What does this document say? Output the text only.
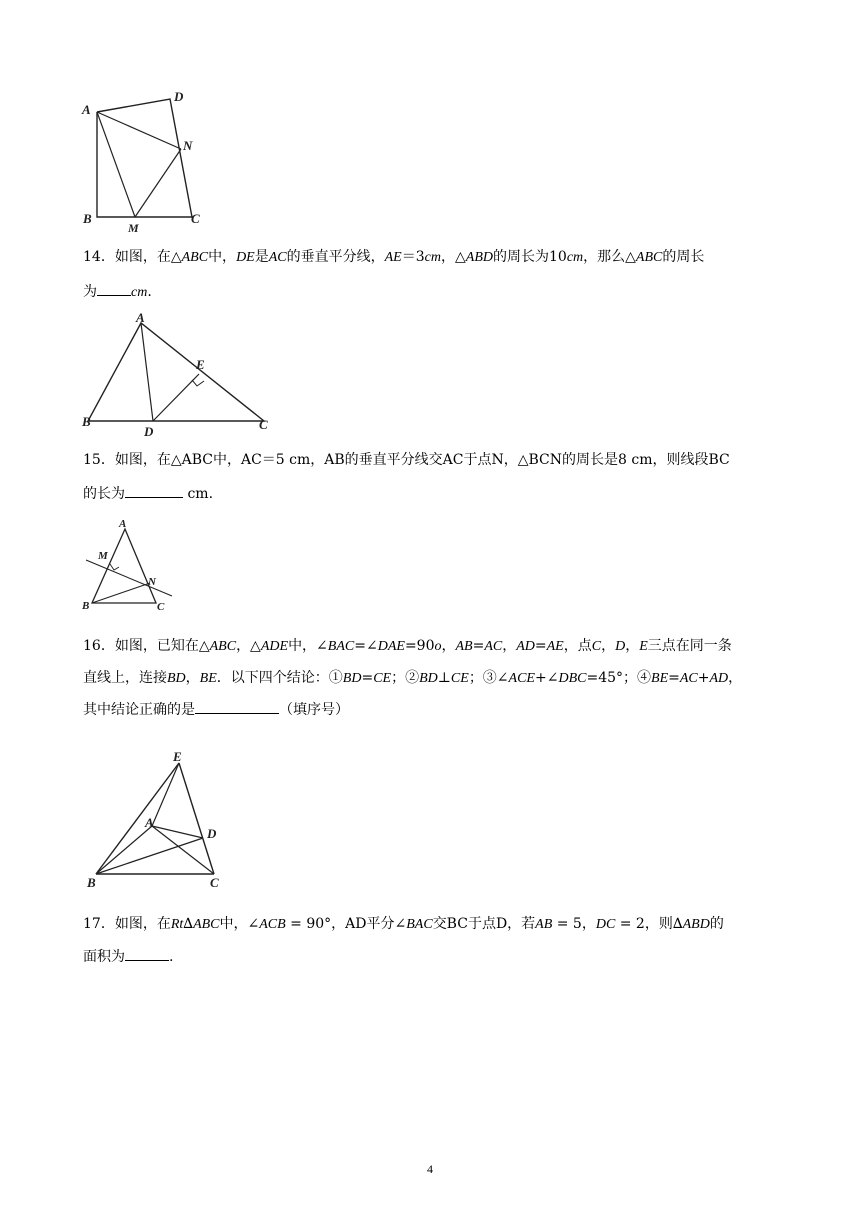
A
D
N
B
M
C
14．如图，在△ABC中，DE是AC的垂直平分线，AE＝3cm，△ABD的周长为10cm，那么△ABC的周长
为 cm.
A
E
B
D	C
15．如图，在△ABC中，AC＝5 cm，AB的垂直平分线交AC于点N，△BCN的周长是8 cm，则线段BC
的长为	cm.
A
M
N
B	C
16．如图，已知在△ABC，△ADE中，∠BAC=∠DAE=90o，AB=AC，AD=AE，点C，D，E三点在同一条
直线上，连接BD，BE．以下四个结论：①BD=CE；②BD⊥CE；③∠ACE+∠DBC=45°；④BE=AC+AD，
其中结论正确的是	（填序号）
E
A
D
B	C
17．如图，在Rt∆ABC中，∠ACB = 90°，AD平分∠BAC交BC于点D，若AB = 5，DC = 2，则∆ABD的
面积为	.
4
